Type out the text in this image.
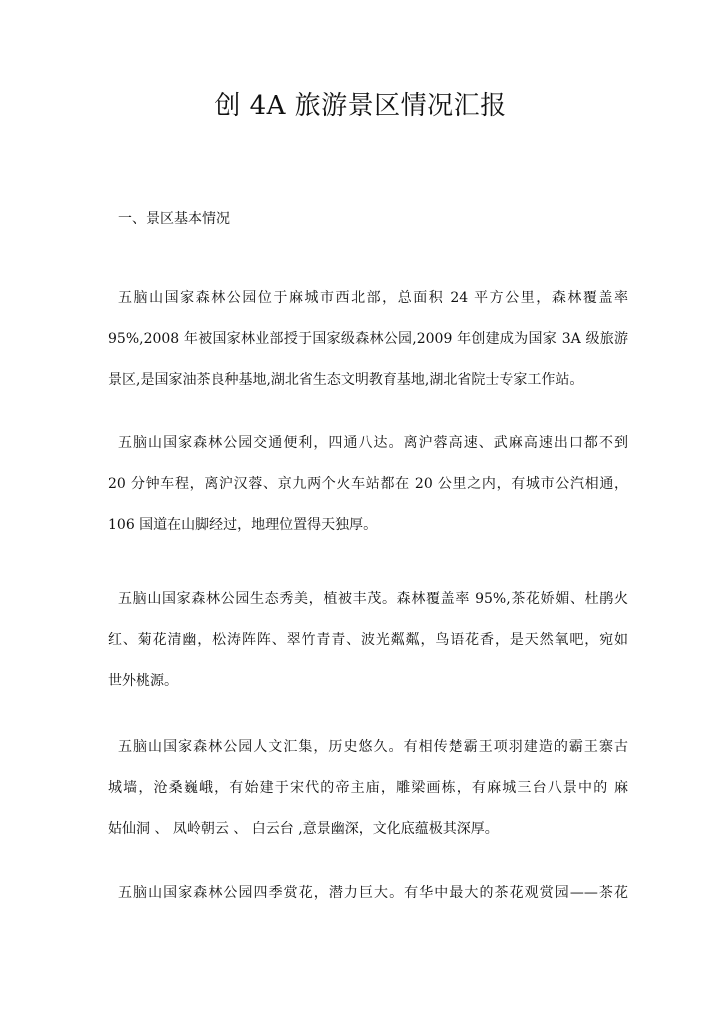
创 4A 旅游景区情况汇报
一、景区基本情况
五脑山国家森林公园位于麻城市西北部，总面积 24 平方公里，森林覆盖率
95%,2008 年被国家林业部授于国家级森林公园,2009 年创建成为国家 3A 级旅游
景区,是国家油茶良种基地,湖北省生态文明教育基地,湖北省院士专家工作站。
五脑山国家森林公园交通便利，四通八达。离沪蓉高速、武麻高速出口都不到
20 分钟车程，离沪汉蓉、京九两个火车站都在 20 公里之内，有城市公汽相通，
106 国道在山脚经过，地理位置得天独厚。
五脑山国家森林公园生态秀美，植被丰茂。森林覆盖率 95%,茶花娇媚、杜鹃火
红、菊花清幽，松涛阵阵、翠竹青青、波光粼粼，鸟语花香，是天然氧吧，宛如
世外桃源。
五脑山国家森林公园人文汇集，历史悠久。有相传楚霸王项羽建造的霸王寨古
城墙，沧桑巍峨，有始建于宋代的帝主庙，雕梁画栋，有麻城三台八景中的 麻
姑仙洞 、 凤岭朝云 、 白云台 ,意景幽深，文化底蕴极其深厚。
五脑山国家森林公园四季赏花，潜力巨大。有华中最大的茶花观赏园——茶花
